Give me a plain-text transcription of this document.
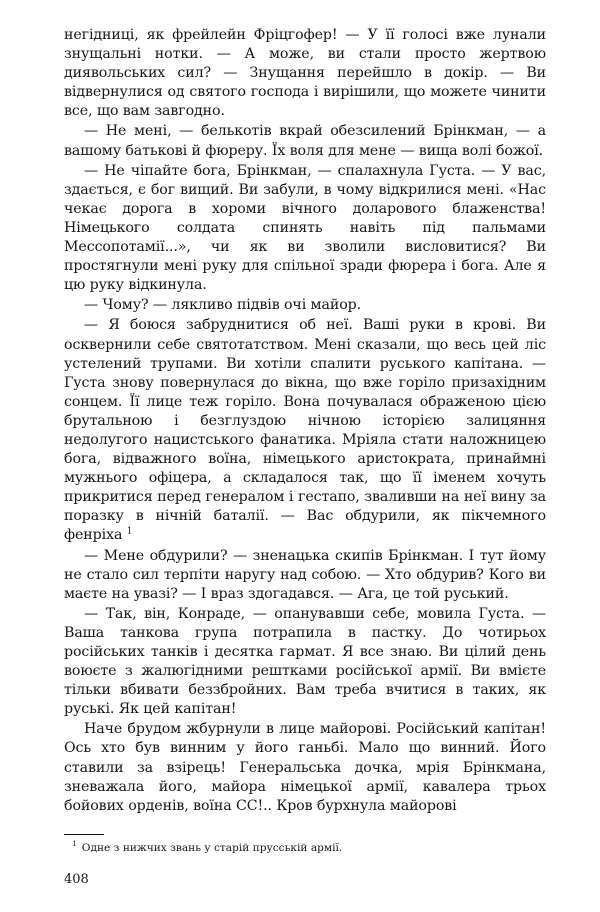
негідниці, як фрейлейн Фріцгофер! — У її голосі вже лунали знущальні нотки. — А може, ви стали просто жертвою диявольських сил? — Знущання перейшло в докір. — Ви відвернулися од святого господа і вирішили, що можете чинити все, що вам завгодно.

— Не мені, — белькотів вкрай обезсилений Брінкман, — а вашому батькові й фюреру. Їх воля для мене — вища волі божої.

— Не чіпайте бога, Брінкман, — спалахнула Густа. — У вас, здається, є бог вищий. Ви забули, в чому відкрилися мені. «Нас чекає дорога в хороми вічного доларового блаженства! Німецького солдата спинять навіть під пальмами Мессопотамії...», чи як ви зволили висловитися? Ви простягнули мені руку для спільної зради фюрера і бога. Але я цю руку відкинула.

— Чому? — лякливо підвів очі майор.

— Я боюся забруднитися об неї. Ваші руки в крові. Ви осквернили себе святотатством. Мені сказали, що весь цей ліс устелений трупами. Ви хотіли спалити руського капітана. — Густа знову повернулася до вікна, що вже горіло призахідним сонцем. Її лице теж горіло. Вона почувалася ображеною цією брутальною і безглуздою нічною історією залицяння недолугого нацистського фанатика. Мріяла стати наложницею бога, відважного воїна, німецького аристократа, принаймні мужнього офіцера, а складалося так, що її іменем хочуть прикритися перед генералом і гестапо, зваливши на неї вину за поразку в нічній баталії. — Вас обдурили, як пікчемного фенріха $^1$

— Мене обдурили? — зненацька скипів Брінкман. І тут йому не стало сил терпіти наругу над собою. — Хто обдурив? Кого ви маєте на увазі? — І враз здогадався. — Ага, це той руський.

— Так, він, Конраде, — опанувавши себе, мовила Густа. — Ваша танкова група потрапила в пастку. До чотирьох російських танків і десятка гармат. Я все знаю. Ви цілий день воюєте з жалюгідними рештками російської армії. Ви вмієте тільки вбивати беззбройних. Вам треба вчитися в таких, як руські. Як цей капітан!

Наче брудом жбурнули в лице майорові. Російський капітан! Ось хто був винним у його ганьбі. Мало що винний. Його ставили за взірець! Генеральська дочка, мрія Брінкмана, зневажала його, майора німецької армії, кавалера трьох бойових орденів, воїна СС!.. Кров бурхнула майорові

$^1$ Одне з нижчих звань у старій прусській армії.
408
